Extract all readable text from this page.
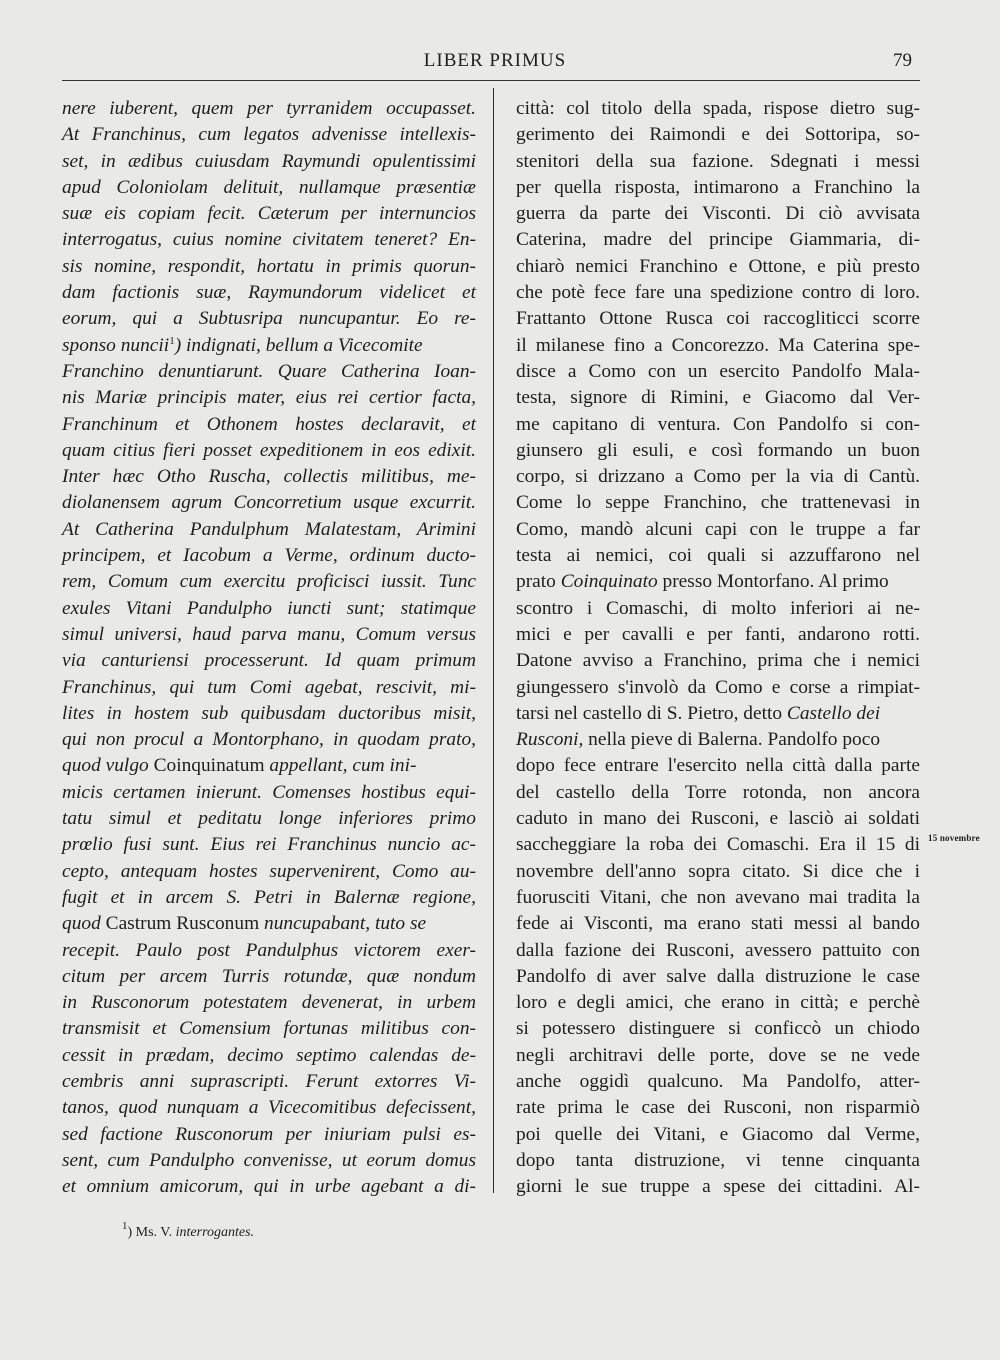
LIBER PRIMUS	79
nere iuberent, quem per tyrranidem occupasset.
At Franchinus, cum legatos advenisse intellexis-
set, in ædibus cuiusdam Raymundi opulentissimi
apud Coloniolam delituit, nullamque præsentiæ
suæ eis copiam fecit. Cæterum per internuncios
interrogatus, cuius nomine civitatem teneret? En-
sis nomine, respondit, hortatu in primis quorun-
dam factionis suæ, Raymundorum videlicet et
eorum, qui a Subtusripa nuncupantur. Eo re-
sponso nuncii$^1$) indignati, bellum a Vicecomite
Franchino denuntiarunt. Quare Catherina Ioan-
nis Mariæ principis mater, eius rei certior facta,
Franchinum et Othonem hostes declaravit, et
quam citius fieri posset expeditionem in eos edixit.
Inter hæc Otho Ruscha, collectis militibus, me-
diolanensem agrum Concorretium usque excurrit.
At Catherina Pandulphum Malatestam, Arimini
principem, et Iacobum a Verme, ordinum ducto-
rem, Comum cum exercitu proficisci iussit. Tunc
exules Vitani Pandulpho iuncti sunt; statimque
simul universi, haud parva manu, Comum versus
via canturiensi processerunt. Id quam primum
Franchinus, qui tum Comi agebat, rescivit, mi-
lites in hostem sub quibusdam ductoribus misit,
qui non procul a Montorphano, in quodam prato,
quod vulgo Coinquinatum appellant, cum ini-
micis certamen inierunt. Comenses hostibus equi-
tatu simul et peditatu longe inferiores primo
prœlio fusi sunt. Eius rei Franchinus nuncio ac-
cepto, antequam hostes supervenirent, Como au-
fugit et in arcem S. Petri in Balernæ regione,
quod Castrum Rusconum nuncupabant, tuto se
recepit. Paulo post Pandulphus victorem exer-
citum per arcem Turris rotundæ, quæ nondum
in Rusconorum potestatem devenerat, in urbem
transmisit et Comensium fortunas militibus con-
cessit in prædam, decimo septimo calendas de-
cembris anni suprascripti. Ferunt extorres Vi-
tanos, quod nunquam a Vicecomitibus defecissent,
sed factione Rusconorum per iniuriam pulsi es-
sent, cum Pandulpho convenisse, ut eorum domus
et omnium amicorum, qui in urbe agebant a di-
città: col titolo della spada, rispose dietro sug-
gerimento dei Raimondi e dei Sottoripa, so-
stenitori della sua fazione. Sdegnati i messi
per quella risposta, intimarono a Franchino la
guerra da parte dei Visconti. Di ciò avvisata
Caterina, madre del principe Giammaria, di-
chiarò nemici Franchino e Ottone, e più presto
che potè fece fare una spedizione contro di loro.
Frattanto Ottone Rusca coi raccogliticci scorre
il milanese fino a Concorezzo. Ma Caterina spe-
disce a Como con un esercito Pandolfo Mala-
testa, signore di Rimini, e Giacomo dal Ver-
me capitano di ventura. Con Pandolfo si con-
giunsero gli esuli, e così formando un buon
corpo, si drizzano a Como per la via di Cantù.
Come lo seppe Franchino, che trattenevasi in
Como, mandò alcuni capi con le truppe a far
testa ai nemici, coi quali si azzuffarono nel
prato Coinquinato presso Montorfano. Al primo
scontro i Comaschi, di molto inferiori ai ne-
mici e per cavalli e per fanti, andarono rotti.
Datone avviso a Franchino, prima che i nemici
giungessero s'involò da Como e corse a rimpiat-
tarsi nel castello di S. Pietro, detto Castello dei
Rusconi, nella pieve di Balerna. Pandolfo poco
dopo fece entrare l'esercito nella città dalla parte
del castello della Torre rotonda, non ancora
caduto in mano dei Rusconi, e lasciò ai soldati
saccheggiare la roba dei Comaschi. Era il 15 di
novembre dell'anno sopra citato. Si dice che i
fuorusciti Vitani, che non avevano mai tradita la
fede ai Visconti, ma erano stati messi al bando
dalla fazione dei Rusconi, avessero pattuito con
Pandolfo di aver salve dalla distruzione le case
loro e degli amici, che erano in città; e perchè
si potessero distinguere si conficcò un chiodo
negli architravi delle porte, dove se ne vede
anche oggidì qualcuno. Ma Pandolfo, atter-
rate prima le case dei Rusconi, non risparmiò
poi quelle dei Vitani, e Giacomo dal Verme,
dopo tanta distruzione, vi tenne cinquanta
giorni le sue truppe a spese dei cittadini. Al-
15 novembre
$^1$) Ms. V. interrogantes.
